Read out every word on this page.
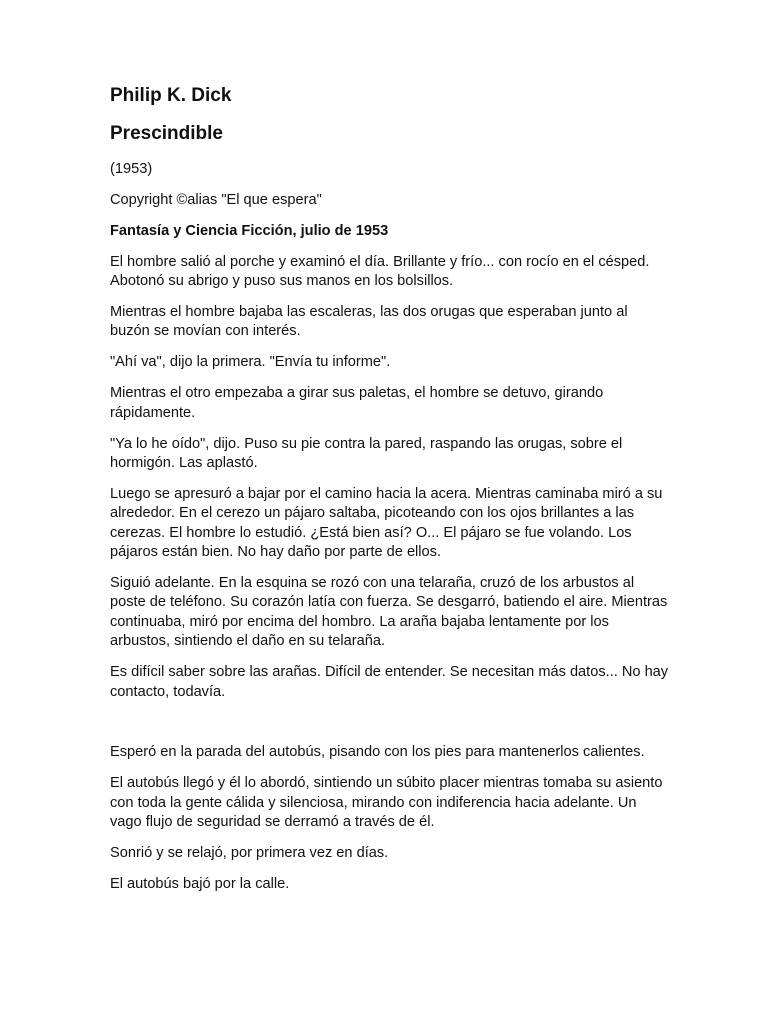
Philip K. Dick
Prescindible
(1953)
Copyright ©alias "El que espera"
Fantasía y Ciencia Ficción, julio de 1953
El hombre salió al porche y examinó el día. Brillante y frío... con rocío en el césped. Abotonó su abrigo y puso sus manos en los bolsillos.
Mientras el hombre bajaba las escaleras, las dos orugas que esperaban junto al buzón se movían con interés.
"Ahí va", dijo la primera. "Envía tu informe".
Mientras el otro empezaba a girar sus paletas, el hombre se detuvo, girando rápidamente.
"Ya lo he oído", dijo. Puso su pie contra la pared, raspando las orugas, sobre el hormigón. Las aplastó.
Luego se apresuró a bajar por el camino hacia la acera. Mientras caminaba miró a su alrededor. En el cerezo un pájaro saltaba, picoteando con los ojos brillantes a las cerezas. El hombre lo estudió. ¿Está bien así? O... El pájaro se fue volando. Los pájaros están bien. No hay daño por parte de ellos.
Siguió adelante. En la esquina se rozó con una telaraña, cruzó de los arbustos al poste de teléfono. Su corazón latía con fuerza. Se desgarró, batiendo el aire. Mientras continuaba, miró por encima del hombro. La araña bajaba lentamente por los arbustos, sintiendo el daño en su telaraña.
Es difícil saber sobre las arañas. Difícil de entender. Se necesitan más datos... No hay contacto, todavía.
Esperó en la parada del autobús, pisando con los pies para mantenerlos calientes.
El autobús llegó y él lo abordó, sintiendo un súbito placer mientras tomaba su asiento con toda la gente cálida y silenciosa, mirando con indiferencia hacia adelante. Un vago flujo de seguridad se derramó a través de él.
Sonrió y se relajó, por primera vez en días.
El autobús bajó por la calle.
